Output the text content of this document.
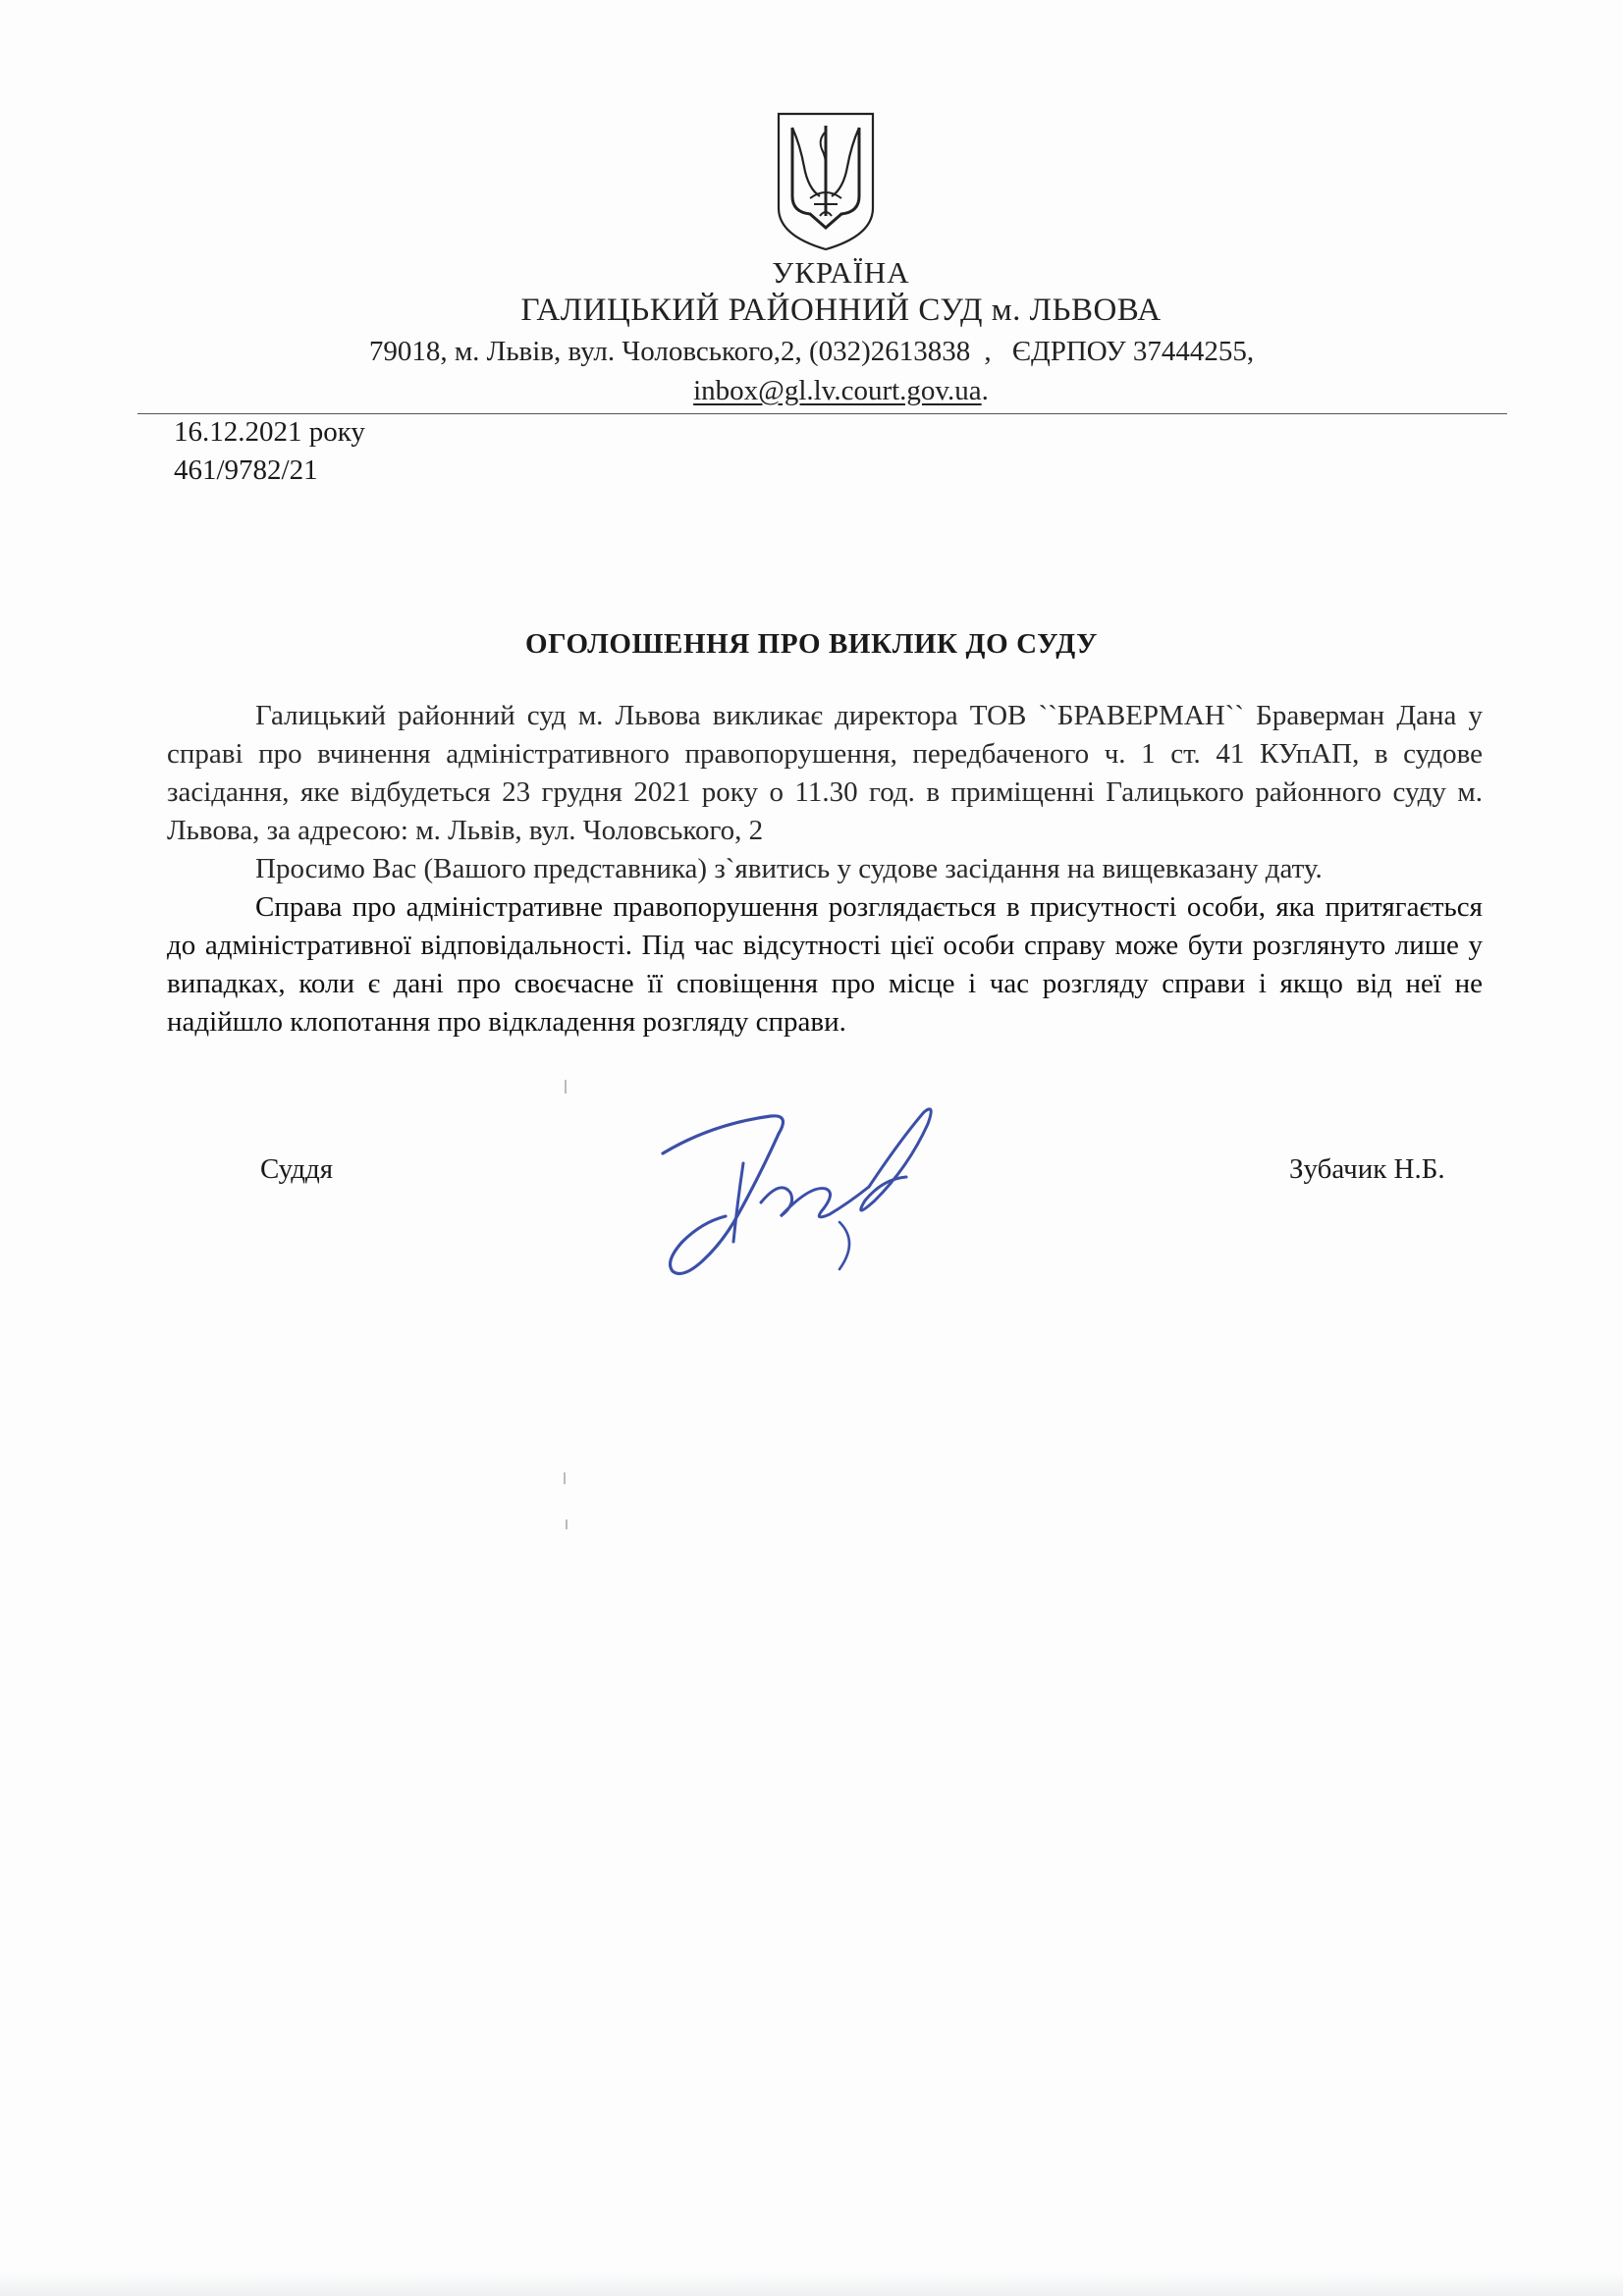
УКРАЇНА
ГАЛИЦЬКИЙ РАЙОННИЙ СУД м. ЛЬВОВА
79018, м. Львів, вул. Чоловського,2, (032)2613838 , ЄДРПОУ 37444255,
inbox@gl.lv.court.gov.ua.
16.12.2021 року
461/9782/21
ОГОЛОШЕННЯ ПРО ВИКЛИК ДО СУДУ

Галицький районний суд м. Львова викликає директора ТОВ ``БРАВЕРМАН`` Браверман Дана у справі про вчинення адміністративного правопорушення, передбаченого ч. 1 ст. 41 КУпАП, в судове засідання, яке відбудеться 23 грудня 2021 року о 11.30 год. в приміщенні Галицького районного суду м. Львова, за адресою: м. Львів, вул. Чоловського, 2

Просимо Вас (Вашого представника) з`явитись у судове засідання на вищевказану дату.

Справа про адміністративне правопорушення розглядається в присутності особи, яка притягається до адміністративної відповідальності. Під час відсутності цієї особи справу може бути розглянуто лише у випадках, коли є дані про своєчасне її сповіщення про місце і час розгляду справи і якщо від неї не надійшло клопотання про відкладення розгляду справи.

Суддя	Зубачик Н.Б.
